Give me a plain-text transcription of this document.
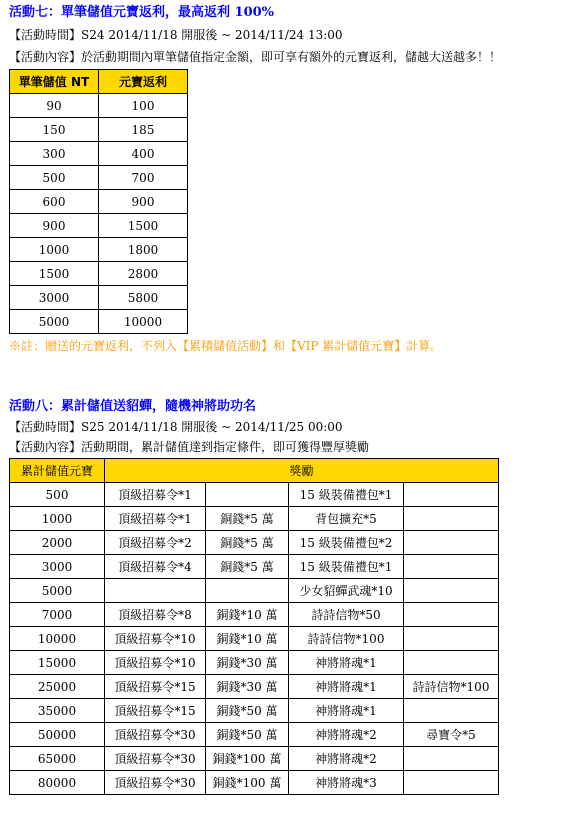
活動七：單筆儲值元寶返利，最高返利 100%
【活動時間】S24 2014/11/18 開服後 ~ 2014/11/24 13:00
【活動內容】於活動期間內單筆儲值指定金額，即可享有額外的元寶返利，儲越大送越多！！
單筆儲值 NT	元寶返利
90	100
150	185
300	400
500	700
600	900
900	1500
1000	1800
1500	2800
3000	5800
5000	10000
※註：贈送的元寶返利，不列入【累積儲值活動】和【VIP 累計儲值元寶】計算。
活動八：累計儲值送貂蟬，隨機神將助功名
【活動時間】S25 2014/11/18 開服後 ~ 2014/11/25 00:00
【活動內容】活動期間，累計儲值達到指定條件，即可獲得豐厚獎勵
累計儲值元寶	獎勵			
500	頂級招募令*1		15 級裝備禮包*1	
1000	頂級招募令*1	銅錢*5 萬	背包擴充*5	
2000	頂級招募令*2	銅錢*5 萬	15 級裝備禮包*2	
3000	頂級招募令*4	銅錢*5 萬	15 級裝備禮包*1	
5000			少女貂蟬武魂*10	
7000	頂級招募令*8	銅錢*10 萬	詩詩信物*50	
10000	頂級招募令*10	銅錢*10 萬	詩詩信物*100	
15000	頂級招募令*10	銅錢*30 萬	神將將魂*1	
25000	頂級招募令*15	銅錢*30 萬	神將將魂*1	詩詩信物*100
35000	頂級招募令*15	銅錢*50 萬	神將將魂*1	
50000	頂級招募令*30	銅錢*50 萬	神將將魂*2	尋寶令*5
65000	頂級招募令*30	銅錢*100 萬	神將將魂*2	
80000	頂級招募令*30	銅錢*100 萬	神將將魂*3	
